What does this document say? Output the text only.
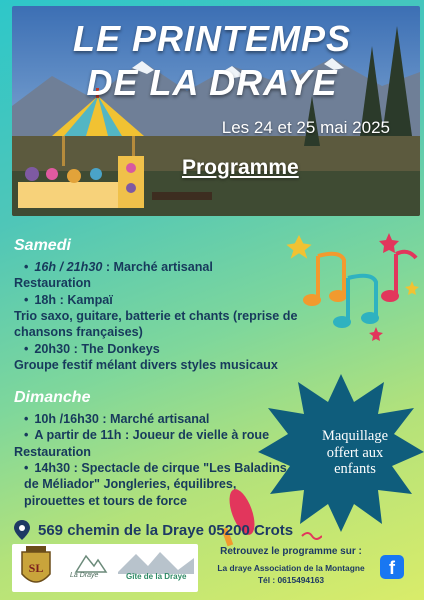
LE PRINTEMPS
DE LA DRAYE
Les 24 et 25 mai 2025
Programme
Samedi
• 16h / 21h30 : Marché artisanal
Restauration
• 18h : Kampaï
Trio saxo, guitare, batterie et chants (reprise de chansons françaises)
• 20h30 : The Donkeys
Groupe festif mélant divers styles musicaux
Dimanche
• 10h /16h30 : Marché artisanal
• A partir de 11h : Joueur de vielle à roue
Restauration
• 14h30 : Spectacle de cirque "Les Baladins de Méliador" Jongleries, équilibres, pirouettes et tours de force
Maquillage
offert aux
enfants
569 chemin de la Draye 05200 Crots
SL
La Draye	Gîte de la Draye
Retrouvez le programme sur :
La draye Association de la Montagne
Tél : 0615494163
f
